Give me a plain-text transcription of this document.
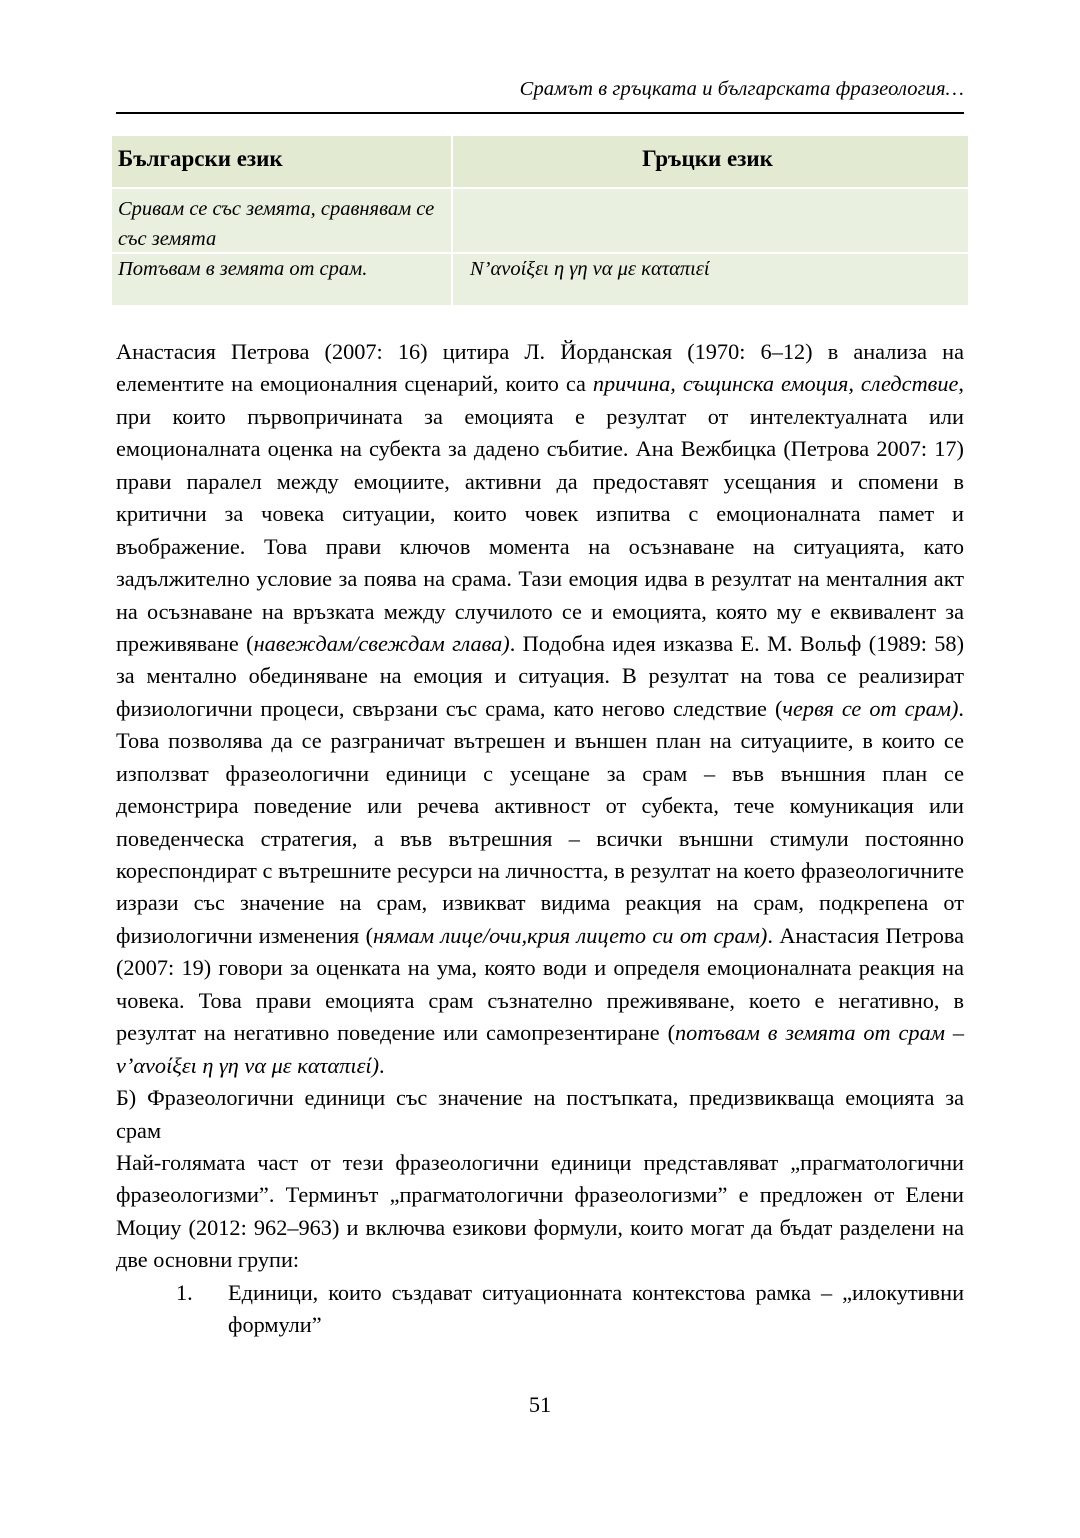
Срамът в гръцката и българската фразеология…
Български език	Гръцки език
Сривам се със земята, сравнявам се със земята
Потъвам в земята от срам.	N’ανοίξει η γη να με καταπιεί

Анастасия Петрова (2007: 16) цитира Л. Йорданская (1970: 6–12) в анализа на елементите на емоционалния сценарий, които са причина, същинска емоция, следствие, при които първопричината за емоцията е резултат от интелектуалната или емоционалната оценка на субекта за дадено събитие. Ана Вежбицка (Петрова 2007: 17) прави паралел между емоциите, активни да предоставят усещания и спомени в критични за човека ситуации, които човек изпитва с емоционалната памет и въображение. Това прави ключов момента на осъзнаване на ситуацията, като задължително условие за поява на срама. Тази емоция идва в резултат на менталния акт на осъзнаване на връзката между случилото се и емоцията, която му е еквивалент за преживяване (навеждам/свеждам глава). Подобна идея изказва Е. М. Вольф (1989: 58) за ментално обединяване на емоция и ситуация. В резултат на това се реализират физиологични процеси, свързани със срама, като негово следствие (червя се от срам). Това позволява да се разграничат вътрешен и външен план на ситуациите, в които се използват фразеологични единици с усещане за срам – във външния план се демонстрира поведение или речева активност от субекта, тече комуникация или поведенческа стратегия, а във вътрешния – всички външни стимули постоянно кореспондират с вътрешните ресурси на личността, в резултат на което фразеологичните изрази със значение на срам, извикват видима реакция на срам, подкрепена от физиологични изменения (нямам лице/очи,крия лицето си от срам). Анастасия Петрова (2007: 19) говори за оценката на ума, която води и определя емоционалната реакция на човека. Това прави емоцията срам съзнателно преживяване, което е негативно, в резултат на негативно поведение или самопрезентиране (потъвам в земята от срам – ν’ανοίξει η γη να με καταπιεί).

Б) Фразеологични единици със значение на постъпката, предизвикваща емоцията за срам

Най-голямата част от тези фразеологични единици представляват „прагматологични фразеологизми”. Терминът „прагматологични фразеологизми” е предложен от Елени Моциу (2012: 962–963) и включва езикови формули, които могат да бъдат разделени на две основни групи:

1. Единици, които създават ситуационната контекстова рамка – „илокутивни формули”
51
